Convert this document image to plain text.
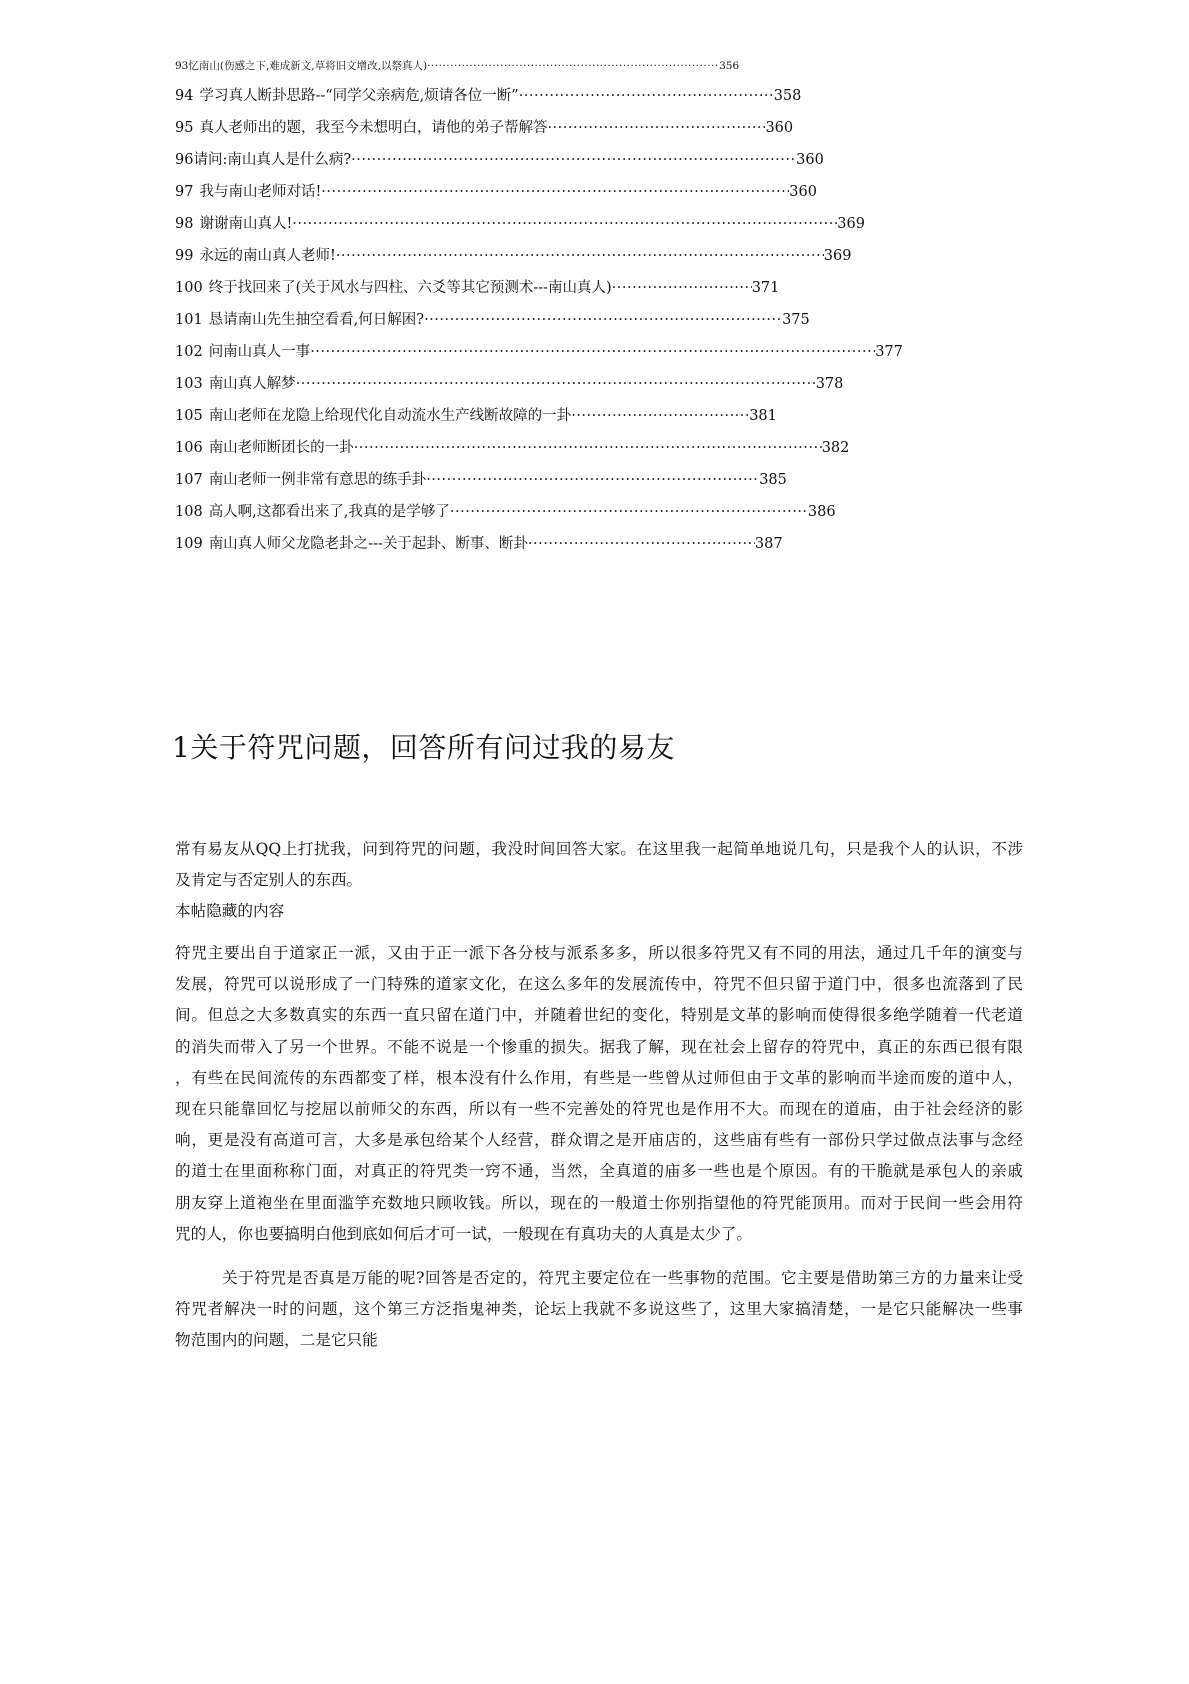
93 忆南山(伤感之下,难成新文,草将旧文增改,以祭真人) ·····	356
94 学习真人断卦思路--“同学父亲病危,烦请各位一断” ·····	358
95 真人老师出的题，我至今未想明白，请他的弟子帮解答 ·····	360
96 请问:南山真人是什么病? ·····	360
97 我与南山老师对话! ·····	360
98 谢谢南山真人! ·····	369
99 永远的南山真人老师! ·····	369
100 终于找回来了(关于风水与四柱、六爻等其它预测术---南山真人) ·····	371
101 恳请南山先生抽空看看,何日解困? ·····	375
102 问南山真人一事 ·····	377
103 南山真人解梦 ·····	378
105 南山老师在龙隐上给现代化自动流水生产线断故障的一卦 ·····	381
106 南山老师断团长的一卦 ·····	382
107 南山老师一例非常有意思的练手卦 ·····	385
108 高人啊,这都看出来了,我真的是学够了 ·····	386
109 南山真人师父龙隐老卦之---关于起卦、断事、断卦 ·····	387
1关于符咒问题，回答所有问过我的易友
常有易友从QQ上打扰我，问到符咒的问题，我没时间回答大家。在这里我一起简单地说几句，只是我个人的认识，不涉
及肯定与否定别人的东西。
本帖隐藏的内容
符咒主要出自于道家正一派，又由于正一派下各分枝与派系多多，所以很多符咒又有不同的用法，通过几千年的演变与
发展，符咒可以说形成了一门特殊的道家文化，在这么多年的发展流传中，符咒不但只留于道门中，很多也流落到了民
间。但总之大多数真实的东西一直只留在道门中，并随着世纪的变化，特别是文革的影响而使得很多绝学随着一代老道
的消失而带入了另一个世界。不能不说是一个惨重的损失。据我了解，现在社会上留存的符咒中，真正的东西已很有限
，有些在民间流传的东西都变了样，根本没有什么作用，有些是一些曾从过师但由于文革的影响而半途而废的道中人，
现在只能靠回忆与挖屈以前师父的东西，所以有一些不完善处的符咒也是作用不大。而现在的道庙，由于社会经济的影
响，更是没有高道可言，大多是承包给某个人经营，群众谓之是开庙店的，这些庙有些有一部份只学过做点法事与念经
的道士在里面称称门面，对真正的符咒类一窍不通，当然，全真道的庙多一些也是个原因。有的干脆就是承包人的亲戚
朋友穿上道袍坐在里面滥竽充数地只顾收钱。所以，现在的一般道士你别指望他的符咒能顶用。而对于民间一些会用符
咒的人，你也要搞明白他到底如何后才可一试，一般现在有真功夫的人真是太少了。
关于符咒是否真是万能的呢?回答是否定的，符咒主要定位在一些事物的范围。它主要是借助第三方的力量来让受
符咒者解决一时的问题，这个第三方泛指鬼神类，论坛上我就不多说这些了，这里大家搞清楚，一是它只能解决一些事
物范围内的问题，二是它只能
